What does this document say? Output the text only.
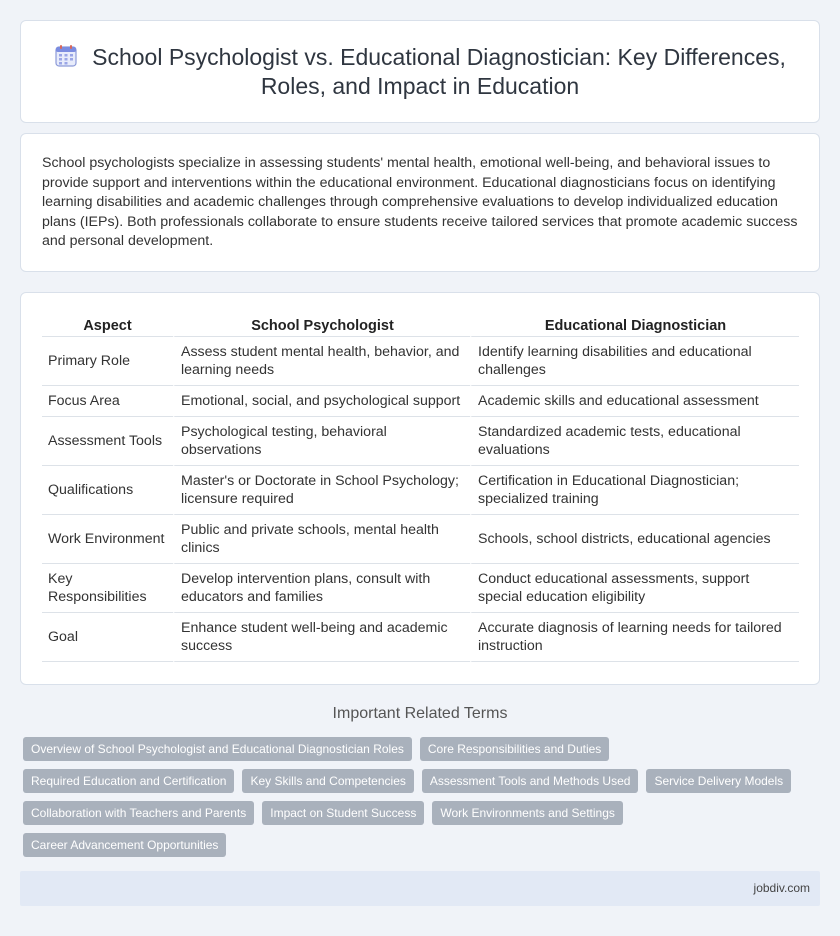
School Psychologist vs. Educational Diagnostician: Key Differences, Roles, and Impact in Education

School psychologists specialize in assessing students' mental health, emotional well-being, and behavioral issues to provide support and interventions within the educational environment. Educational diagnosticians focus on identifying learning disabilities and academic challenges through comprehensive evaluations to develop individualized education plans (IEPs). Both professionals collaborate to ensure students receive tailored services that promote academic success and personal development.

Aspect	School Psychologist	Educational Diagnostician
Primary Role	Assess student mental health, behavior, and learning needs	Identify learning disabilities and educational challenges
Focus Area	Emotional, social, and psychological support	Academic skills and educational assessment
Assessment Tools	Psychological testing, behavioral observations	Standardized academic tests, educational evaluations
Qualifications	Master's or Doctorate in School Psychology; licensure required	Certification in Educational Diagnostician; specialized training
Work Environment	Public and private schools, mental health clinics	Schools, school districts, educational agencies
Key Responsibilities	Develop intervention plans, consult with educators and families	Conduct educational assessments, support special education eligibility
Goal	Enhance student well-being and academic success	Accurate diagnosis of learning needs for tailored instruction
Important Related Terms
Overview of School Psychologist and Educational Diagnostician Roles	Core Responsibilities and Duties
Required Education and Certification	Key Skills and Competencies	Assessment Tools and Methods Used	Service Delivery Models
Collaboration with Teachers and Parents	Impact on Student Success	Work Environments and Settings
Career Advancement Opportunities
jobdiv.com
